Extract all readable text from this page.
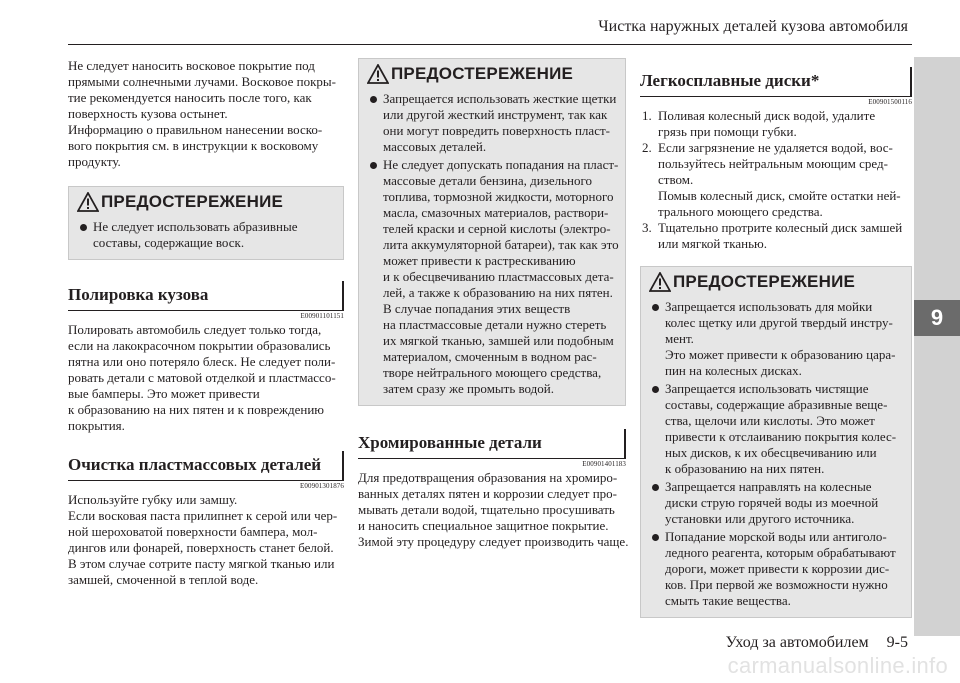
Чистка наружных деталей кузова автомобиля
9
Не следует наносить восковое покрытие под
прямыми солнечными лучами. Восковое покры-
тие рекомендуется наносить после того, как
поверхность кузова остынет.
Информацию о правильном нанесении воско-
вого покрытия см. в инструкции к восковому
продукту.
ПРЕДОСТЕРЕЖЕНИЕ
Не следует использовать абразивные
составы, содержащие воск.
Полировка кузова
E00901101151
Полировать автомобиль следует только тогда,
если на лакокрасочном покрытии образовались
пятна или оно потеряло блеск. Не следует поли-
ровать детали с матовой отделкой и пластмассо-
вые бамперы. Это может привести
к образованию на них пятен и к повреждению
покрытия.
Очистка пластмассовых деталей
E00901301876
Используйте губку или замшу.
Если восковая паста прилипнет к серой или чер-
ной шероховатой поверхности бампера, мол-
дингов или фонарей, поверхность станет белой.
В этом случае сотрите пасту мягкой тканью или
замшей, смоченной в теплой воде.
ПРЕДОСТЕРЕЖЕНИЕ
Запрещается использовать жесткие щетки
или другой жесткий инструмент, так как
они могут повредить поверхность пласт-
массовых деталей.
Не следует допускать попадания на пласт-
массовые детали бензина, дизельного
топлива, тормозной жидкости, моторного
масла, смазочных материалов, раствори-
телей краски и серной кислоты (электро-
лита аккумуляторной батареи), так как это
может привести к растрескиванию
и к обесцвечиванию пластмассовых дета-
лей, а также к образованию на них пятен.
В случае попадания этих веществ
на пластмассовые детали нужно стереть
их мягкой тканью, замшей или подобным
материалом, смоченным в водном рас-
творе нейтрального моющего средства,
затем сразу же промыть водой.
Хромированные детали
E00901401183
Для предотвращения образования на хромиро-
ванных деталях пятен и коррозии следует про-
мывать детали водой, тщательно просушивать
и наносить специальное защитное покрытие.
Зимой эту процедуру следует производить чаще.
Легкосплавные диски*
E00901500116
1. Поливая колесный диск водой, удалите
грязь при помощи губки.
2. Если загрязнение не удаляется водой, вос-
пользуйтесь нейтральным моющим сред-
ством.
Помыв колесный диск, смойте остатки ней-
трального моющего средства.
3. Тщательно протрите колесный диск замшей
или мягкой тканью.
ПРЕДОСТЕРЕЖЕНИЕ
Запрещается использовать для мойки
колес щетку или другой твердый инстру-
мент.
Это может привести к образованию цара-
пин на колесных дисках.
Запрещается использовать чистящие
составы, содержащие абразивные веще-
ства, щелочи или кислоты. Это может
привести к отслаиванию покрытия колес-
ных дисков, к их обесцвечиванию или
к образованию на них пятен.
Запрещается направлять на колесные
диски струю горячей воды из моечной
установки или другого источника.
Попадание морской воды или антиголо-
ледного реагента, которым обрабатывают
дороги, может привести к коррозии дис-
ков. При первой же возможности нужно
смыть такие вещества.
Уход за автомобилем 9-5
carmanualsonline.info
